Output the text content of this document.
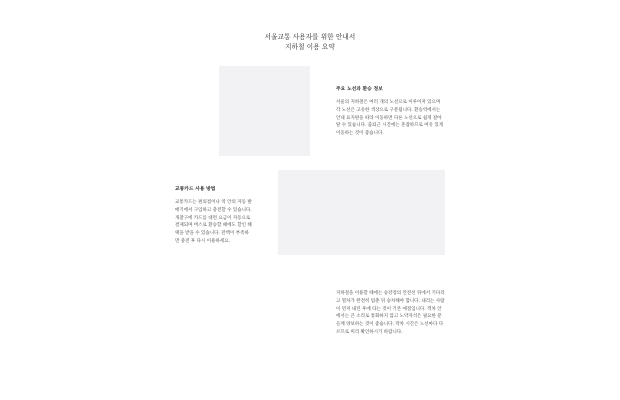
서울교통 사용자를 위한 안내서
지하철 이용 요약
주요 노선과 환승 정보

서울의 지하철은 여러 개의 노선으로 이루어져 있으며 각 노선은 고유한 색상으로 구분됩니다. 환승역에서는 안내 표지판을 따라 이동하면 다른 노선으로 쉽게 갈아탈 수 있습니다. 출퇴근 시간에는 혼잡하므로 여유 있게 이동하는 것이 좋습니다.

교통카드 사용 방법

교통카드는 편의점이나 역 안의 자동 발매기에서 구입하고 충전할 수 있습니다. 개찰구에 카드를 대면 요금이 자동으로 결제되며 버스로 환승할 때에도 할인 혜택을 받을 수 있습니다. 잔액이 부족하면 충전 후 다시 이용하세요.

지하철을 이용할 때에는 승강장의 안전선 뒤에서 기다리고 열차가 완전히 멈춘 뒤 승차해야 합니다. 내리는 사람이 먼저 내린 후에 타는 것이 기본 예절입니다. 객차 안에서는 큰 소리로 통화하지 않고 노약자석은 필요한 분들께 양보하는 것이 좋습니다. 막차 시간은 노선마다 다르므로 미리 확인하시기 바랍니다.
